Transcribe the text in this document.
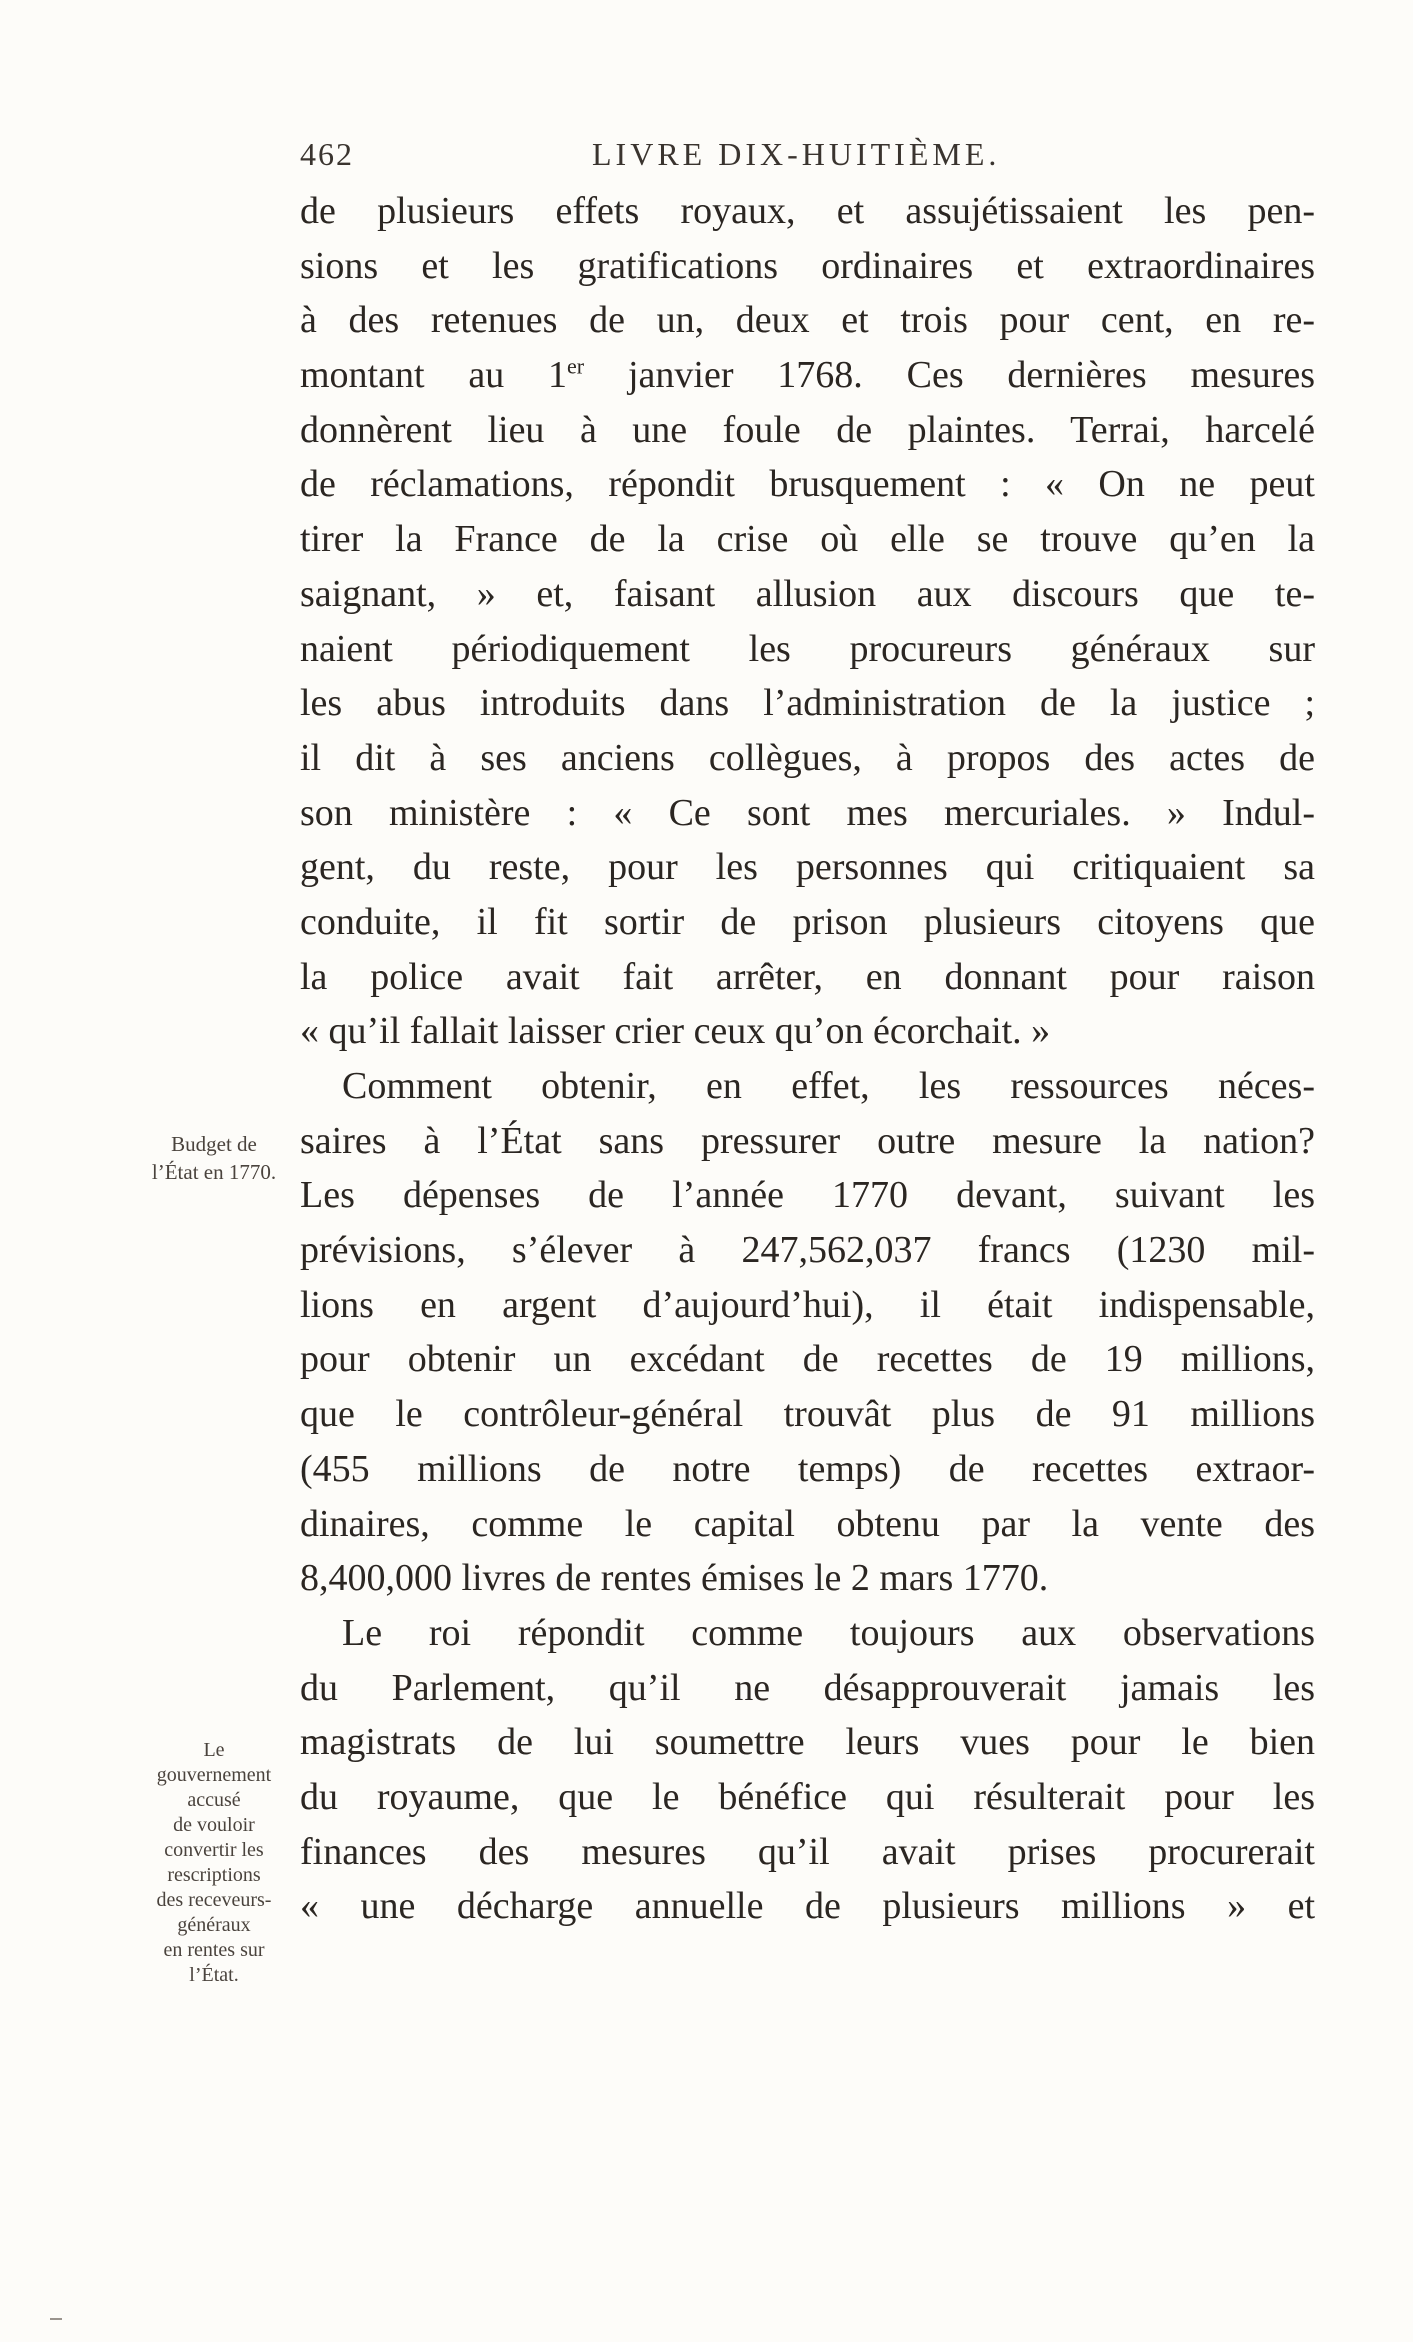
462	LIVRE DIX-HUITIÈME.
de plusieurs effets royaux, et assujétissaient les pen-
sions et les gratifications ordinaires et extraordinaires
à des retenues de un, deux et trois pour cent, en re-
montant au 1er janvier 1768. Ces dernières mesures
donnèrent lieu à une foule de plaintes. Terrai, harcelé
de réclamations, répondit brusquement : « On ne peut
tirer la France de la crise où elle se trouve qu’en la
saignant, » et, faisant allusion aux discours que te-
naient périodiquement les procureurs généraux sur
les abus introduits dans l’administration de la justice ;
il dit à ses anciens collègues, à propos des actes de
son ministère : « Ce sont mes mercuriales. » Indul-
gent, du reste, pour les personnes qui critiquaient sa
conduite, il fit sortir de prison plusieurs citoyens que
la police avait fait arrêter, en donnant pour raison
« qu’il fallait laisser crier ceux qu’on écorchait. »
Comment obtenir, en effet, les ressources néces-
saires à l’État sans pressurer outre mesure la nation?
Les dépenses de l’année 1770 devant, suivant les
prévisions, s’élever à 247,562,037 francs (1230 mil-
lions en argent d’aujourd’hui), il était indispensable,
pour obtenir un excédant de recettes de 19 millions,
que le contrôleur-général trouvât plus de 91 millions
(455 millions de notre temps) de recettes extraor-
dinaires, comme le capital obtenu par la vente des
8,400,000 livres de rentes émises le 2 mars 1770.
Le roi répondit comme toujours aux observations
du Parlement, qu’il ne désapprouverait jamais les
magistrats de lui soumettre leurs vues pour le bien
du royaume, que le bénéfice qui résulterait pour les
finances des mesures qu’il avait prises procurerait
« une décharge annuelle de plusieurs millions » et
Budget de
l’État en 1770.
Le
gouvernement
accusé
de vouloir
convertir les
rescriptions
des receveurs-
généraux
en rentes sur
l’État.
